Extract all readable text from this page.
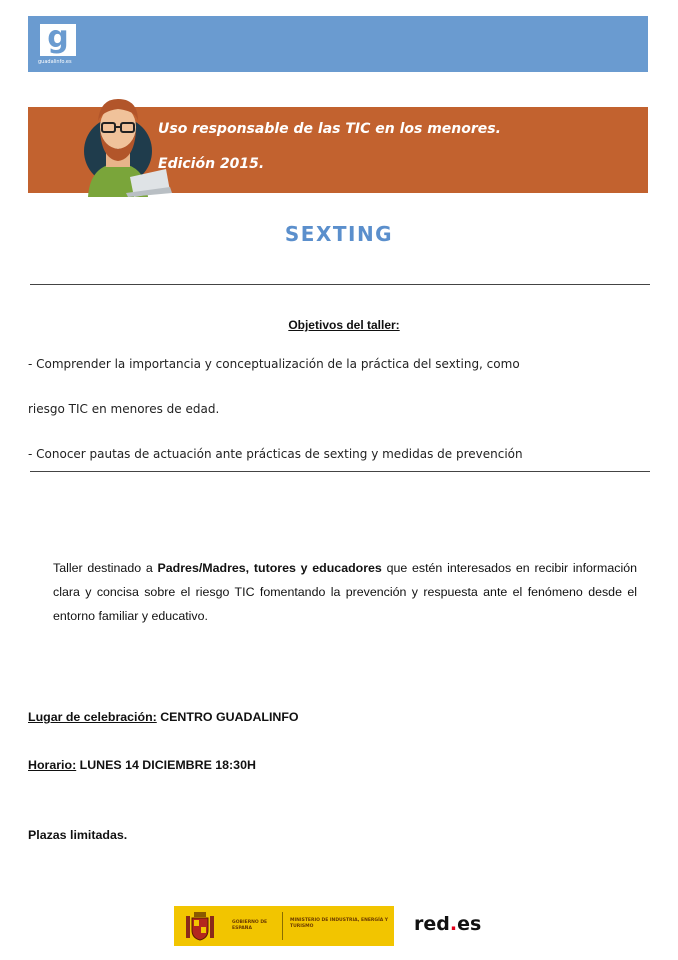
g
guadalinfo.es
Uso responsable de las TIC en los menores.
Edición 2015.
SEXTING
Objetivos del taller:
- Comprender la importancia y conceptualización de la práctica del sexting, como
riesgo TIC en menores de edad.
- Conocer pautas de actuación ante prácticas de sexting y medidas de prevención
Taller destinado a Padres/Madres, tutores y educadores que estén interesados en recibir información clara y concisa sobre el riesgo TIC fomentando la prevención y respuesta ante el fenómeno desde el entorno familiar y educativo.
Lugar de celebración: CENTRO GUADALINFO
Horario: LUNES 14 DICIEMBRE 18:30H
Plazas limitadas.
GOBIERNO DE ESPAÑA
MINISTERIO DE INDUSTRIA, ENERGÍA Y TURISMO	red.es
